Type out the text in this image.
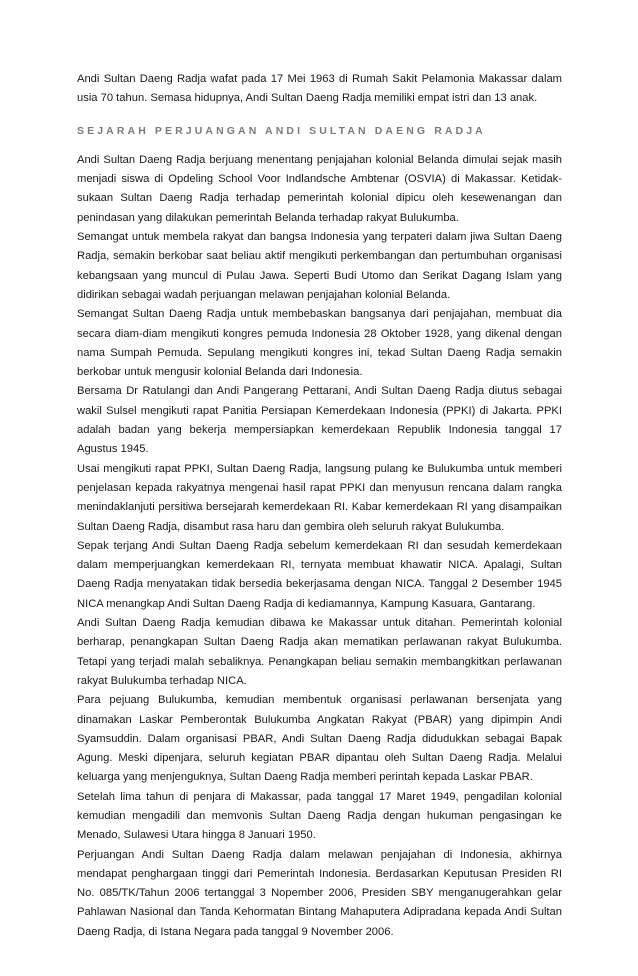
Andi Sultan Daeng Radja wafat pada 17 Mei 1963 di Rumah Sakit Pelamonia Makassar dalam usia 70 tahun. Semasa hidupnya, Andi Sultan Daeng Radja memiliki empat istri dan 13 anak.

SEJARAH PERJUANGAN ANDI SULTAN DAENG RADJA

Andi Sultan Daeng Radja berjuang menentang penjajahan kolonial Belanda dimulai sejak masih menjadi siswa di Opdeling School Voor Indlandsche Ambtenar (OSVIA) di Makassar. Ketidak-sukaan Sultan Daeng Radja terhadap pemerintah kolonial dipicu oleh kesewenangan dan penindasan yang dilakukan pemerintah Belanda terhadap rakyat Bulukumba.

Semangat untuk membela rakyat dan bangsa Indonesia yang terpateri dalam jiwa Sultan Daeng Radja, semakin berkobar saat beliau aktif mengikuti perkembangan dan pertumbuhan organisasi kebangsaan yang muncul di Pulau Jawa. Seperti Budi Utomo dan Serikat Dagang Islam yang didirikan sebagai wadah perjuangan melawan penjajahan kolonial Belanda.

Semangat Sultan Daeng Radja untuk membebaskan bangsanya dari penjajahan, membuat dia secara diam-diam mengikuti kongres pemuda Indonesia 28 Oktober 1928, yang dikenal dengan nama Sumpah Pemuda. Sepulang mengikuti kongres ini, tekad Sultan Daeng Radja semakin berkobar untuk mengusir kolonial Belanda dari Indonesia.

Bersama Dr Ratulangi dan Andi Pangerang Pettarani, Andi Sultan Daeng Radja diutus sebagai wakil Sulsel mengikuti rapat Panitia Persiapan Kemerdekaan Indonesia (PPKI) di Jakarta. PPKI adalah badan yang bekerja mempersiapkan kemerdekaan Republik Indonesia tanggal 17 Agustus 1945.

Usai mengikuti rapat PPKI, Sultan Daeng Radja, langsung pulang ke Bulukumba untuk memberi penjelasan kepada rakyatnya mengenai hasil rapat PPKI dan menyusun rencana dalam rangka menindaklanjuti persitiwa bersejarah kemerdekaan RI. Kabar kemerdekaan RI yang disampaikan Sultan Daeng Radja, disambut rasa haru dan gembira oleh seluruh rakyat Bulukumba.

Sepak terjang Andi Sultan Daeng Radja sebelum kemerdekaan RI dan sesudah kemerdekaan dalam memperjuangkan kemerdekaan RI, ternyata membuat khawatir NICA. Apalagi, Sultan Daeng Radja menyatakan tidak bersedia bekerjasama dengan NICA. Tanggal 2 Desember 1945 NICA menangkap Andi Sultan Daeng Radja di kediamannya, Kampung Kasuara, Gantarang.

Andi Sultan Daeng Radja kemudian dibawa ke Makassar untuk ditahan. Pemerintah kolonial berharap, penangkapan Sultan Daeng Radja akan mematikan perlawanan rakyat Bulukumba. Tetapi yang terjadi malah sebaliknya. Penangkapan beliau semakin membangkitkan perlawanan rakyat Bulukumba terhadap NICA.

Para pejuang Bulukumba, kemudian membentuk organisasi perlawanan bersenjata yang dinamakan Laskar Pemberontak Bulukumba Angkatan Rakyat (PBAR) yang dipimpin Andi Syamsuddin. Dalam organisasi PBAR, Andi Sultan Daeng Radja didudukkan sebagai Bapak Agung. Meski dipenjara, seluruh kegiatan PBAR dipantau oleh Sultan Daeng Radja. Melalui keluarga yang menjenguknya, Sultan Daeng Radja memberi perintah kepada Laskar PBAR.

Setelah lima tahun di penjara di Makassar, pada tanggal 17 Maret 1949, pengadilan kolonial kemudian mengadili dan memvonis Sultan Daeng Radja dengan hukuman pengasingan ke Menado, Sulawesi Utara hingga 8 Januari 1950.

Perjuangan Andi Sultan Daeng Radja dalam melawan penjajahan di Indonesia, akhirnya mendapat penghargaan tinggi dari Pemerintah Indonesia. Berdasarkan Keputusan Presiden RI No. 085/TK/Tahun 2006 tertanggal 3 Nopember 2006, Presiden SBY menganugerahkan gelar Pahlawan Nasional dan Tanda Kehormatan Bintang Mahaputera Adipradana kepada Andi Sultan Daeng Radja, di Istana Negara pada tanggal 9 November 2006.
